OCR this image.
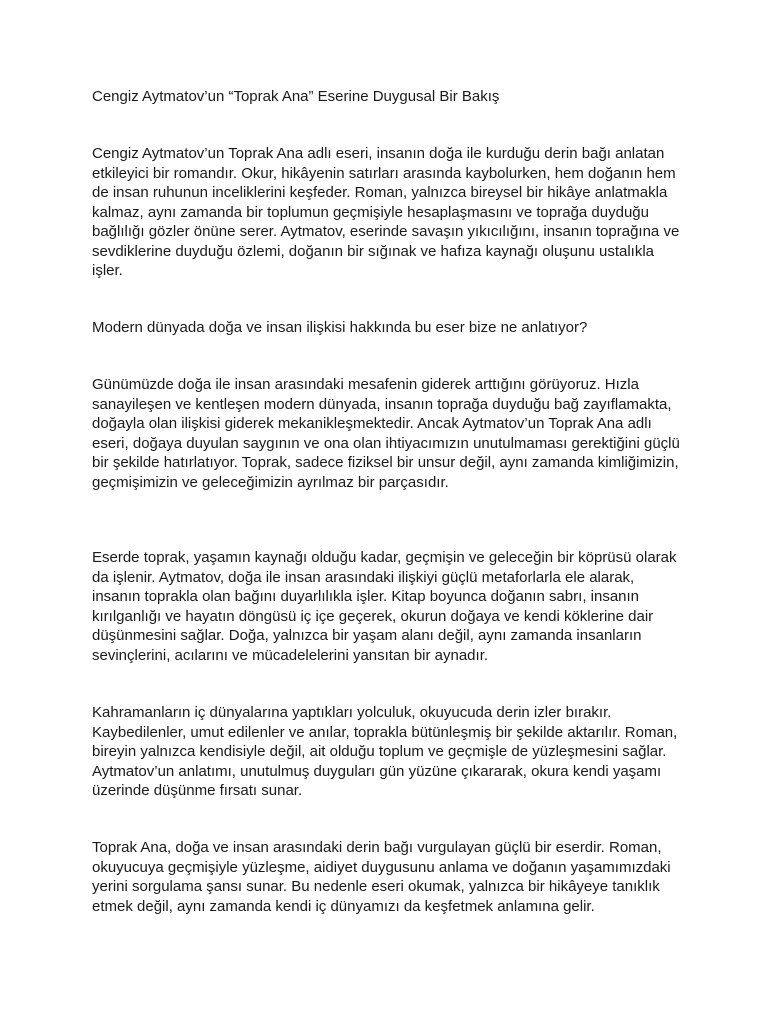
Cengiz Aytmatov’un “Toprak Ana” Eserine Duygusal Bir Bakış

Cengiz Aytmatov’un Toprak Ana adlı eseri, insanın doğa ile kurduğu derin bağı anlatan etkileyici bir romandır. Okur, hikâyenin satırları arasında kaybolurken, hem doğanın hem de insan ruhunun inceliklerini keşfeder. Roman, yalnızca bireysel bir hikâye anlatmakla kalmaz, aynı zamanda bir toplumun geçmişiyle hesaplaşmasını ve toprağa duyduğu bağlılığı gözler önüne serer. Aytmatov, eserinde savaşın yıkıcılığını, insanın toprağına ve sevdiklerine duyduğu özlemi, doğanın bir sığınak ve hafıza kaynağı oluşunu ustalıkla işler.

Modern dünyada doğa ve insan ilişkisi hakkında bu eser bize ne anlatıyor?

Günümüzde doğa ile insan arasındaki mesafenin giderek arttığını görüyoruz. Hızla sanayileşen ve kentleşen modern dünyada, insanın toprağa duyduğu bağ zayıflamakta, doğayla olan ilişkisi giderek mekanikleşmektedir. Ancak Aytmatov’un Toprak Ana adlı eseri, doğaya duyulan saygının ve ona olan ihtiyacımızın unutulmaması gerektiğini güçlü bir şekilde hatırlatıyor. Toprak, sadece fiziksel bir unsur değil, aynı zamanda kimliğimizin, geçmişimizin ve geleceğimizin ayrılmaz bir parçasıdır.

Eserde toprak, yaşamın kaynağı olduğu kadar, geçmişin ve geleceğin bir köprüsü olarak da işlenir. Aytmatov, doğa ile insan arasındaki ilişkiyi güçlü metaforlarla ele alarak, insanın toprakla olan bağını duyarlılıkla işler. Kitap boyunca doğanın sabrı, insanın kırılganlığı ve hayatın döngüsü iç içe geçerek, okurun doğaya ve kendi köklerine dair düşünmesini sağlar. Doğa, yalnızca bir yaşam alanı değil, aynı zamanda insanların sevinçlerini, acılarını ve mücadelelerini yansıtan bir aynadır.

Kahramanların iç dünyalarına yaptıkları yolculuk, okuyucuda derin izler bırakır. Kaybedilenler, umut edilenler ve anılar, toprakla bütünleşmiş bir şekilde aktarılır. Roman, bireyin yalnızca kendisiyle değil, ait olduğu toplum ve geçmişle de yüzleşmesini sağlar. Aytmatov’un anlatımı, unutulmuş duyguları gün yüzüne çıkararak, okura kendi yaşamı üzerinde düşünme fırsatı sunar.

Toprak Ana, doğa ve insan arasındaki derin bağı vurgulayan güçlü bir eserdir. Roman, okuyucuya geçmişiyle yüzleşme, aidiyet duygusunu anlama ve doğanın yaşamımızdaki yerini sorgulama şansı sunar. Bu nedenle eseri okumak, yalnızca bir hikâyeye tanıklık etmek değil, aynı zamanda kendi iç dünyamızı da keşfetmek anlamına gelir.
